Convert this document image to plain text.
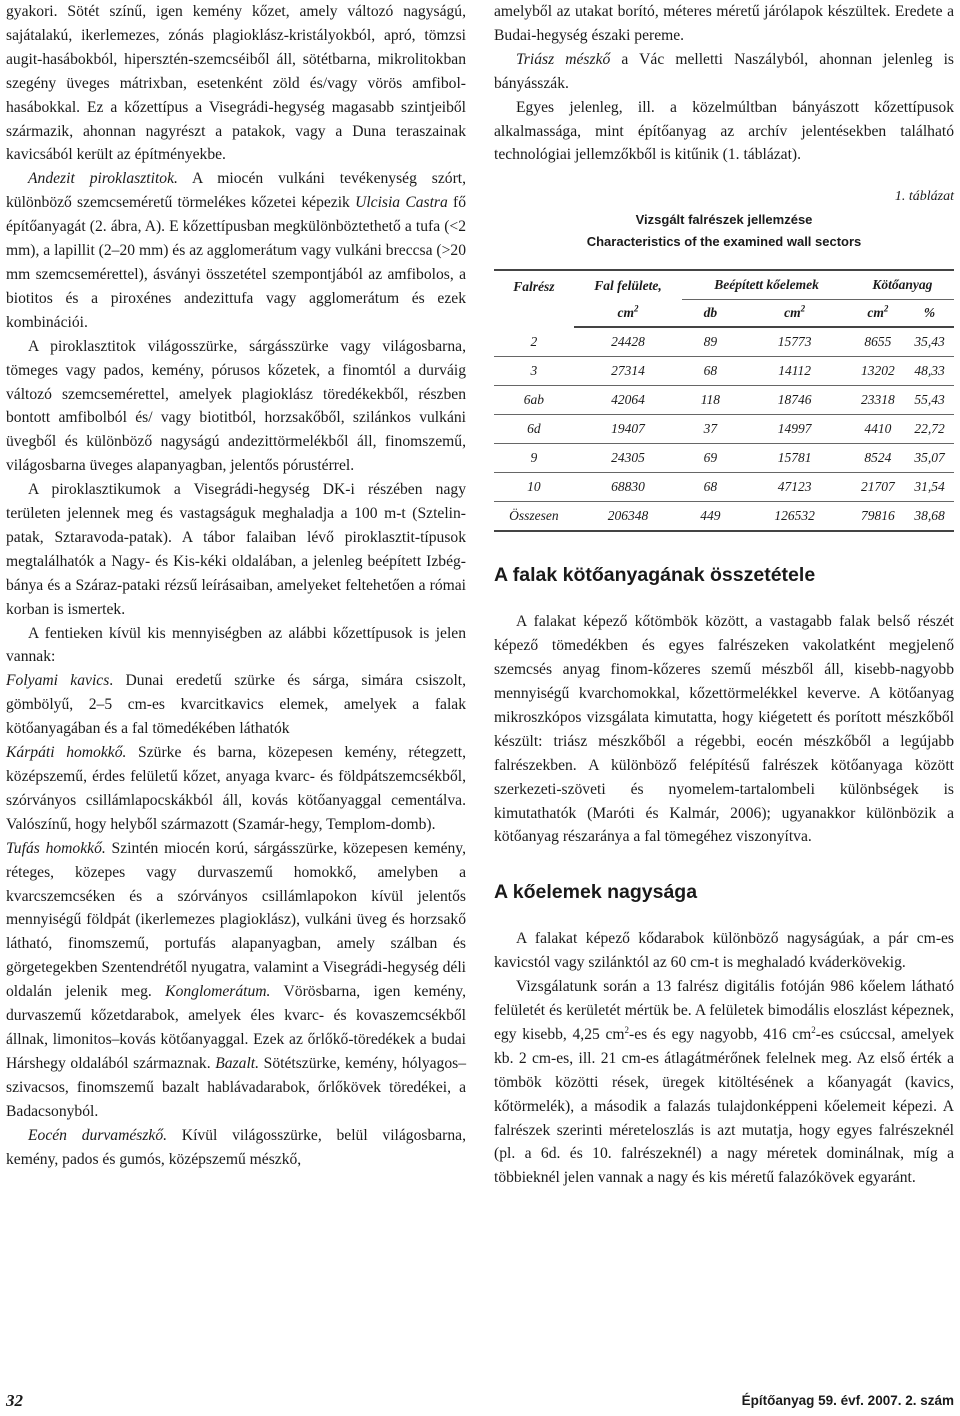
gyakori. Sötét színű, igen kemény kőzet, amely változó nagyságú, sajátalakú, ikerlemezes, zónás plagioklász-kristályokból, apró, tömzsi augit-hasábokból, hipersztén-szemcséiből áll, sötétbarna, mikrolitokban szegény üveges mátrixban, esetenként zöld és/vagy vörös amfibol-hasábokkal. Ez a kőzettípus a Visegrádi-hegység magasabb szintjeiből származik, ahonnan nagyrészt a patakok, vagy a Duna teraszainak kavicsából került az építményekbe.

Andezit piroklasztitok. A miocén vulkáni tevékenység szórt, különböző szemcseméretű törmelékes kőzetei képezik Ulcisia Castra fő építőanyagát (2. ábra, A). E kőzettípusban megkülönböztethető a tufa (<2 mm), a lapillit (2–20 mm) és az agglomerátum vagy vulkáni breccsa (>20 mm szemcsemérettel), ásványi összetétel szempontjából az amfibolos, a biotitos és a piroxénes andezittufa vagy agglomerátum és ezek kombinációi.

A piroklasztitok világosszürke, sárgásszürke vagy világosbarna, tömeges vagy pados, kemény, pórusos kőzetek, a finomtól a durváig változó szemcsemérettel, amelyek plagioklász töredékekből, részben bontott amfibolból és/ vagy biotitból, horzsakőből, szilánkos vulkáni üvegből és különböző nagyságú andezittörmelékből áll, finomszemű, világosbarna üveges alapanyagban, jelentős pórustérrel.

A piroklasztikumok a Visegrádi-hegység DK-i részében nagy területen jelennek meg és vastagságuk meghaladja a 100 m-t (Sztelin-patak, Sztaravoda-patak). A tábor falaiban lévő piroklasztit-típusok megtalálhatók a Nagy- és Kis-kéki oldalában, a jelenleg beépített Izbég-bánya és a Száraz-pataki rézsű leírásaiban, amelyeket feltehetően a római korban is ismertek.

A fentieken kívül kis mennyiségben az alábbi kőzettípusok is jelen vannak:

Folyami kavics. Dunai eredetű szürke és sárga, simára csiszolt, gömbölyű, 2–5 cm-es kvarcitkavics elemek, amelyek a falak kötőanyagában és a fal tömedékében láthatók

Kárpáti homokkő. Szürke és barna, közepesen kemény, rétegzett, középszemű, érdes felületű kőzet, anyaga kvarc- és földpátszemcsékből, szórványos csillámlapocskákból áll, kovás kötőanyaggal cementálva. Valószínű, hogy helyből származott (Szamár-hegy, Templom-domb).

Tufás homokkő. Szintén miocén korú, sárgásszürke, közepesen kemény, réteges, közepes vagy durvaszemű homokkő, amelyben a kvarcszemcséken és a szórványos csillámlapokon kívül jelentős mennyiségű földpát (ikerlemezes plagioklász), vulkáni üveg és horzsakő látható, finomszemű, portufás alapanyagban, amely szálban és görgetegekben Szentendrétől nyugatra, valamint a Visegrádi-hegység déli oldalán jelenik meg. Konglomerátum. Vörösbarna, igen kemény, durvaszemű kőzetdarabok, amelyek éles kvarc- és kovaszemcsékből állnak, limonitos–kovás kötőanyaggal. Ezek az őrlőkő-töredékek a budai Hárshegy oldalából származnak. Bazalt. Sötétszürke, kemény, hólyagos–szivacsos, finomszemű bazalt hablávadarabok, őrlőkövek töredékei, a Badacsonyból.

Eocén durvamészkő. Kívül világosszürke, belül világosbarna, kemény, pados és gumós, középszemű mészkő,

amelyből az utakat borító, méteres méretű járólapok készültek. Eredete a Budai-hegység északi pereme.

Triász mészkő a Vác melletti Naszályból, ahonnan jelenleg is bányásszák.

Egyes jelenleg, ill. a közelmúltban bányászott kőzettípusok alkalmassága, mint építőanyag az archív jelentésekben található technológiai jellemzőkből is kitűnik (1. táblázat).

1. táblázat
Vizsgált falrészek jellemzése
Characteristics of the examined wall sectors
Falrész	Fal felülete,	Beépített kőelemek		Kötőanyag	
	$cm^2$	db	$cm^2$	$cm^2$	%
2	24428	89	15773	8655	35,43
3	27314	68	14112	13202	48,33
6ab	42064	118	18746	23318	55,43
6d	19407	37	14997	4410	22,72
9	24305	69	15781	8524	35,07
10	68830	68	47123	21707	31,54
Összesen	206348	449	126532	79816	38,68
A falak kötőanyagának összetétele

A falakat képező kőtömbök között, a vastagabb falak belső részét képező tömedékben és egyes falrészeken vakolatként megjelenő szemcsés anyag finom-kőzeres szemű mészből áll, kisebb-nagyobb mennyiségű kvarchomokkal, kőzettörmelékkel keverve. A kötőanyag mikroszkópos vizsgálata kimutatta, hogy kiégetett és porított mészkőből készült: triász mészkőből a régebbi, eocén mészkőből a legújabb falrészekben. A különböző felépítésű falrészek kötőanyaga között szerkezeti-szöveti és nyomelem-tartalombeli különbségek is kimutathatók (Maróti és Kalmár, 2006); ugyanakkor különbözik a kötőanyag részaránya a fal tömegéhez viszonyítva.

A kőelemek nagysága

A falakat képező kődarabok különböző nagyságúak, a pár cm-es kavicstól vagy szilánktól az 60 cm-t is meghaladó kváderkövekig.

Vizsgálatunk során a 13 falrész digitális fotóján 986 kőelem látható felületét és kerületét mértük be. A felületek bimodális eloszlást képeznek, egy kisebb, 4,25 $cm^2-es$ és egy nagyobb, 416 $cm^2-es$ csúccsal, amelyek kb. 2 cm-es, ill. 21 cm-es átlagátmérőnek felelnek meg. Az első érték a tömbök közötti rések, üregek kitöltésének a kőanyagát (kavics, kőtörmelék), a második a falazás tulajdonképpeni kőelemeit képezi. A falrészek szerinti méreteloszlás is azt mutatja, hogy egyes falrészeknél (pl. a 6d. és 10. falrészeknél) a nagy méretek dominálnak, míg a többieknél jelen vannak a nagy és kis méretű falazókövek egyaránt.

32	Építőanyag 59. évf. 2007. 2. szám
